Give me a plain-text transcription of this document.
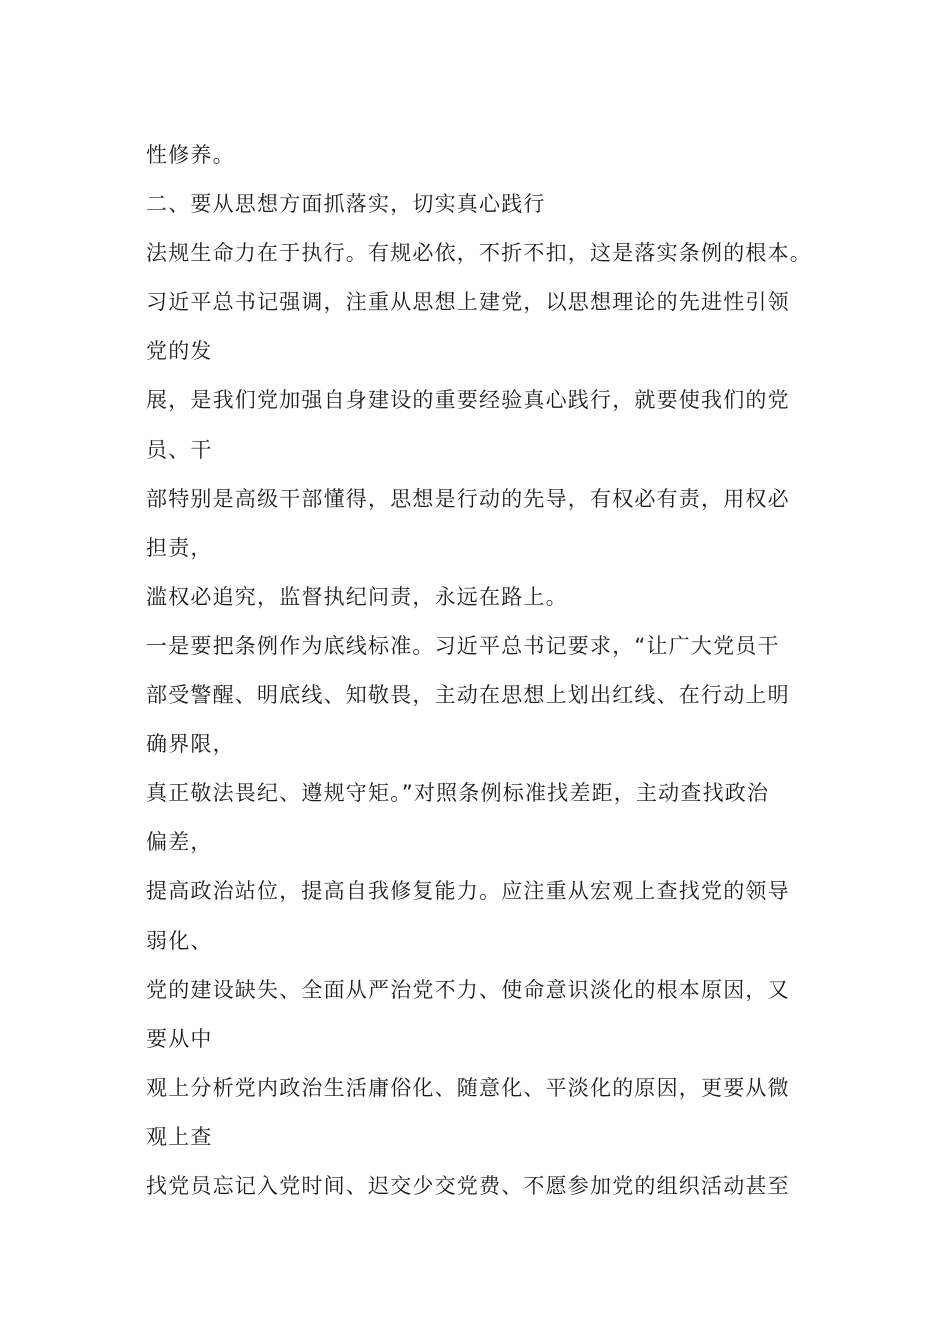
性修养。
二、要从思想方面抓落实，切实真心践行
法规生命力在于执行。有规必依，不折不扣，这是落实条例的根本。
习近平总书记强调，注重从思想上建党，以思想理论的先进性引领
党的发
展，是我们党加强自身建设的重要经验真心践行，就要使我们的党
员、干
部特别是高级干部懂得，思想是行动的先导，有权必有责，用权必
担责，
滥权必追究，监督执纪问责，永远在路上。
一是要把条例作为底线标准。习近平总书记要求，“让广大党员干
部受警醒、明底线、知敬畏，主动在思想上划出红线、在行动上明
确界限，
真正敬法畏纪、遵规守矩。”对照条例标准找差距，主动查找政治
偏差，
提高政治站位，提高自我修复能力。应注重从宏观上查找党的领导
弱化、
党的建设缺失、全面从严治党不力、使命意识淡化的根本原因，又
要从中
观上分析党内政治生活庸俗化、随意化、平淡化的原因，更要从微
观上查
找党员忘记入党时间、迟交少交党费、不愿参加党的组织活动甚至
